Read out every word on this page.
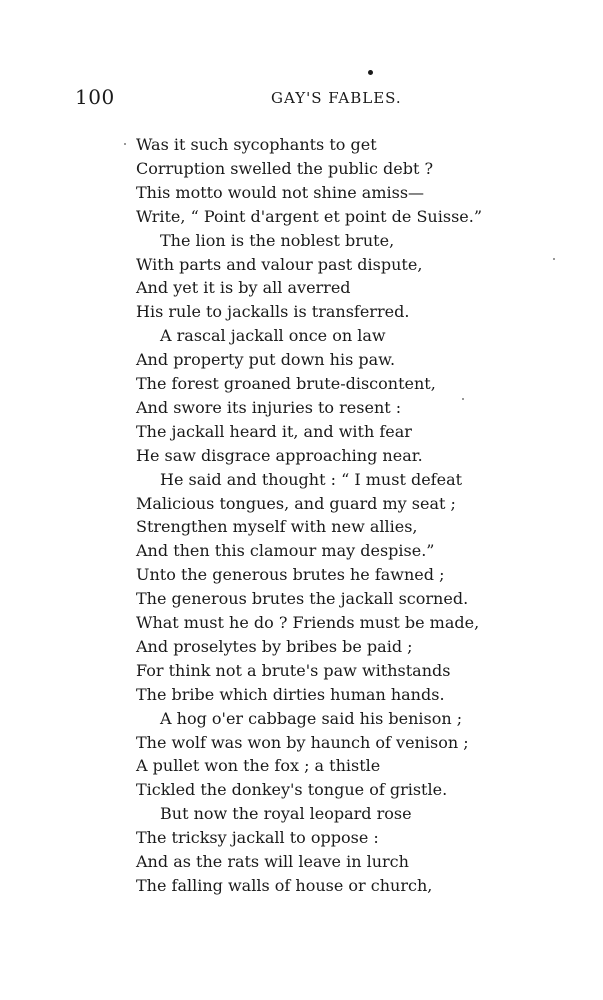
100	GAY'S FABLES.
Was it such sycophants to get
Corruption swelled the public debt ?
This motto would not shine amiss—
Write, “ Point d'argent et point de Suisse.”
The lion is the noblest brute,
With parts and valour past dispute,
And yet it is by all averred
His rule to jackalls is transferred.
A rascal jackall once on law
And property put down his paw.
The forest groaned brute-discontent,
And swore its injuries to resent :
The jackall heard it, and with fear
He saw disgrace approaching near.
He said and thought : “ I must defeat
Malicious tongues, and guard my seat ;
Strengthen myself with new allies,
And then this clamour may despise.”
Unto the generous brutes he fawned ;
The generous brutes the jackall scorned.
What must he do ? Friends must be made,
And proselytes by bribes be paid ;
For think not a brute's paw withstands
The bribe which dirties human hands.
A hog o'er cabbage said his benison ;
The wolf was won by haunch of venison ;
A pullet won the fox ; a thistle
Tickled the donkey's tongue of gristle.
But now the royal leopard rose
The tricksy jackall to oppose :
And as the rats will leave in lurch
The falling walls of house or church,
